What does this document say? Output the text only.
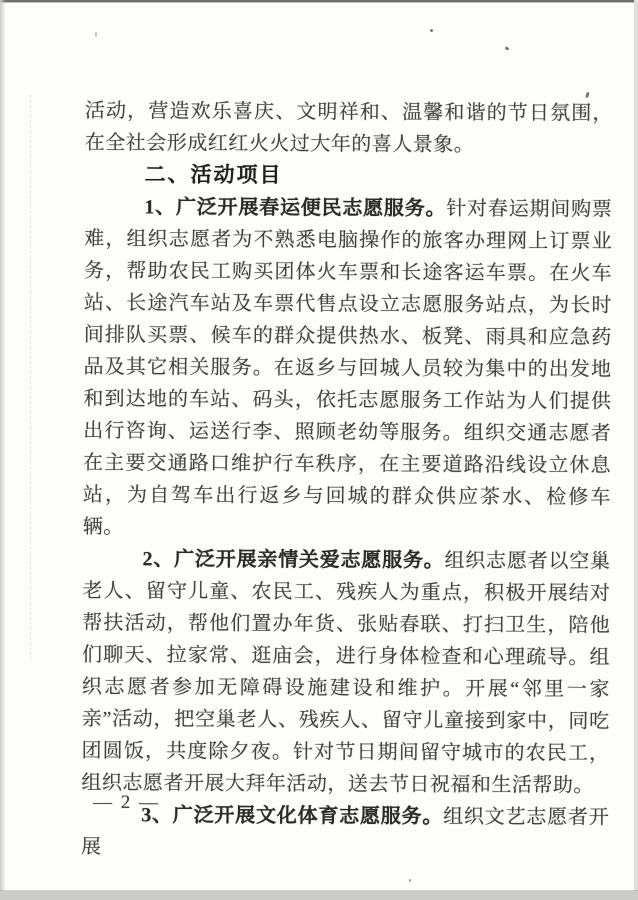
活动，营造欢乐喜庆、文明祥和、温馨和谐的节日氛围，在全社会形成红红火火过大年的喜人景象。

二、活动项目

1、广泛开展春运便民志愿服务。针对春运期间购票难，组织志愿者为不熟悉电脑操作的旅客办理网上订票业务，帮助农民工购买团体火车票和长途客运车票。在火车站、长途汽车站及车票代售点设立志愿服务站点，为长时间排队买票、候车的群众提供热水、板凳、雨具和应急药品及其它相关服务。在返乡与回城人员较为集中的出发地和到达地的车站、码头，依托志愿服务工作站为人们提供出行咨询、运送行李、照顾老幼等服务。组织交通志愿者在主要交通路口维护行车秩序，在主要道路沿线设立休息站，为自驾车出行返乡与回城的群众供应茶水、检修车辆。

2、广泛开展亲情关爱志愿服务。组织志愿者以空巢老人、留守儿童、农民工、残疾人为重点，积极开展结对帮扶活动，帮他们置办年货、张贴春联、打扫卫生，陪他们聊天、拉家常、逛庙会，进行身体检查和心理疏导。组织志愿者参加无障碍设施建设和维护。开展“邻里一家亲”活动，把空巢老人、残疾人、留守儿童接到家中，同吃团圆饭，共度除夕夜。针对节日期间留守城市的农民工，组织志愿者开展大拜年活动，送去节日祝福和生活帮助。

3、广泛开展文化体育志愿服务。组织文艺志愿者开展

— 2 —
